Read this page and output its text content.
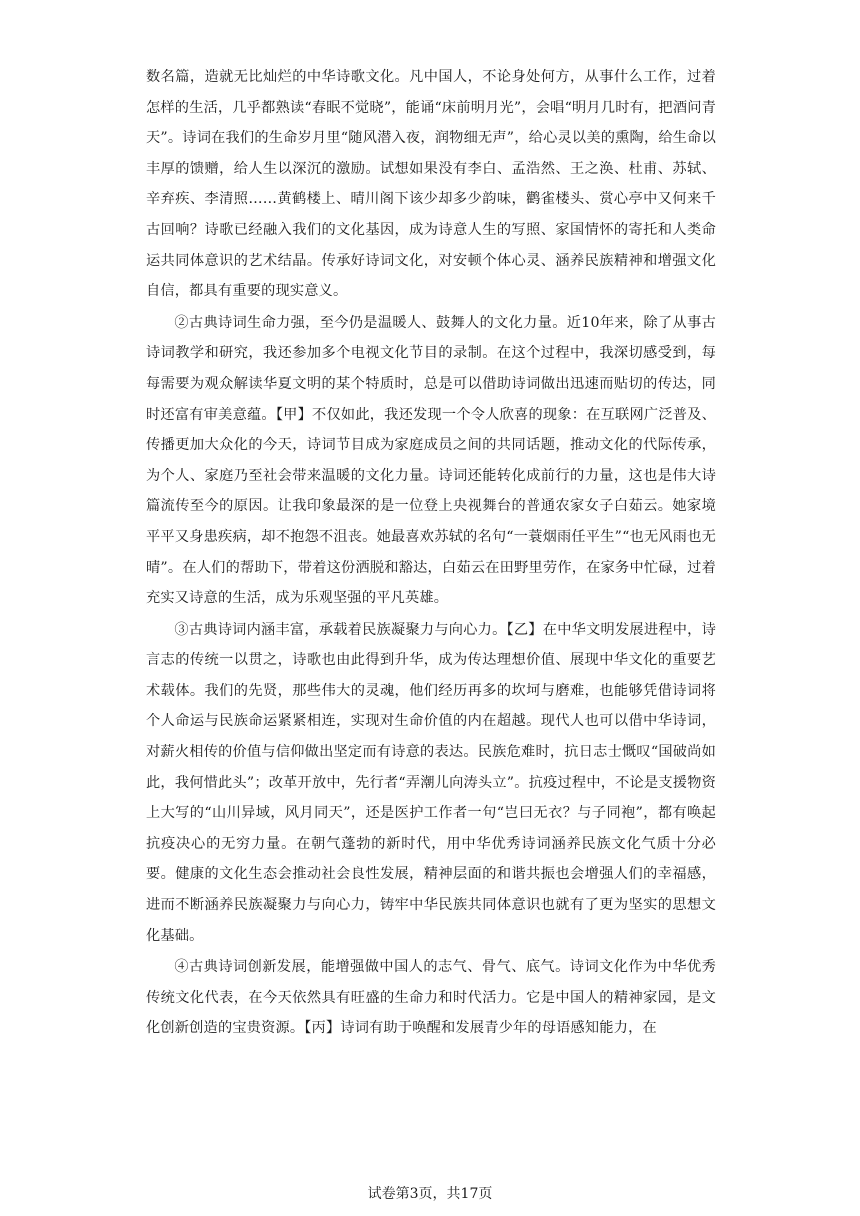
数名篇，造就无比灿烂的中华诗歌文化。凡中国人，不论身处何方，从事什么工作，过着怎样的生活，几乎都熟读“春眠不觉晓”，能诵“床前明月光”，会唱“明月几时有，把酒问青天”。诗词在我们的生命岁月里“随风潜入夜，润物细无声”，给心灵以美的熏陶，给生命以丰厚的馈赠，给人生以深沉的激励。试想如果没有李白、孟浩然、王之涣、杜甫、苏轼、辛弃疾、李清照……黄鹤楼上、晴川阁下该少却多少韵味，鹳雀楼头、赏心亭中又何来千古回响？诗歌已经融入我们的文化基因，成为诗意人生的写照、家国情怀的寄托和人类命运共同体意识的艺术结晶。传承好诗词文化，对安顿个体心灵、涵养民族精神和增强文化自信，都具有重要的现实意义。

②古典诗词生命力强，至今仍是温暖人、鼓舞人的文化力量。近10年来，除了从事古诗词教学和研究，我还参加多个电视文化节目的录制。在这个过程中，我深切感受到，每每需要为观众解读华夏文明的某个特质时，总是可以借助诗词做出迅速而贴切的传达，同时还富有审美意蕴。【甲】不仅如此，我还发现一个令人欣喜的现象：在互联网广泛普及、传播更加大众化的今天，诗词节目成为家庭成员之间的共同话题，推动文化的代际传承，为个人、家庭乃至社会带来温暖的文化力量。诗词还能转化成前行的力量，这也是伟大诗篇流传至今的原因。让我印象最深的是一位登上央视舞台的普通农家女子白茹云。她家境平平又身患疾病，却不抱怨不沮丧。她最喜欢苏轼的名句“一蓑烟雨任平生”“也无风雨也无晴”。在人们的帮助下，带着这份洒脱和豁达，白茹云在田野里劳作，在家务中忙碌，过着充实又诗意的生活，成为乐观坚强的平凡英雄。

③古典诗词内涵丰富，承载着民族凝聚力与向心力。【乙】在中华文明发展进程中，诗言志的传统一以贯之，诗歌也由此得到升华，成为传达理想价值、展现中华文化的重要艺术载体。我们的先贤，那些伟大的灵魂，他们经历再多的坎坷与磨难，也能够凭借诗词将个人命运与民族命运紧紧相连，实现对生命价值的内在超越。现代人也可以借中华诗词，对薪火相传的价值与信仰做出坚定而有诗意的表达。民族危难时，抗日志士慨叹“国破尚如此，我何惜此头”；改革开放中，先行者“弄潮儿向涛头立”。抗疫过程中，不论是支援物资上大写的“山川异域，风月同天”，还是医护工作者一句“岂曰无衣？与子同袍”，都有唤起抗疫决心的无穷力量。在朝气蓬勃的新时代，用中华优秀诗词涵养民族文化气质十分必要。健康的文化生态会推动社会良性发展，精神层面的和谐共振也会增强人们的幸福感，进而不断涵养民族凝聚力与向心力，铸牢中华民族共同体意识也就有了更为坚实的思想文化基础。

④古典诗词创新发展，能增强做中国人的志气、骨气、底气。诗词文化作为中华优秀传统文化代表，在今天依然具有旺盛的生命力和时代活力。它是中国人的精神家园，是文化创新创造的宝贵资源。【丙】诗词有助于唤醒和发展青少年的母语感知能力，在

试卷第3页，共17页
